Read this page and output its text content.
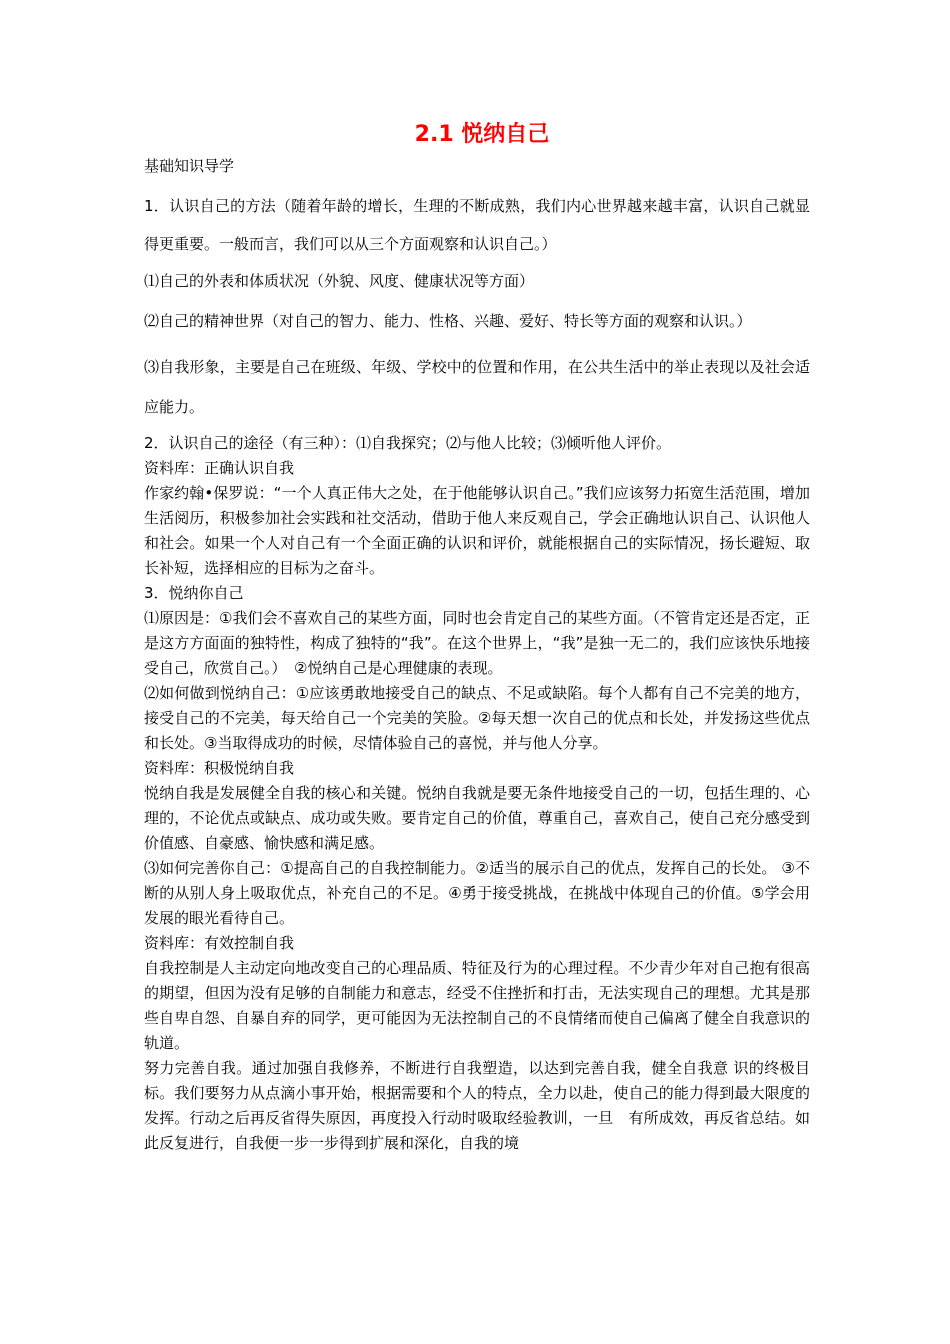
2.1 悦纳自己

基础知识导学

1．认识自己的方法（随着年龄的增长，生理的不断成熟，我们内心世界越来越丰富，认识自己就显得更重要。一般而言，我们可以从三个方面观察和认识自己。）

⑴自己的外表和体质状况（外貌、风度、健康状况等方面）

⑵自己的精神世界（对自己的智力、能力、性格、兴趣、爱好、特长等方面的观察和认识。）

⑶自我形象，主要是自己在班级、年级、学校中的位置和作用，在公共生活中的举止表现以及社会适应能力。

2．认识自己的途径（有三种）：⑴自我探究；⑵与他人比较；⑶倾听他人评价。

资料库：正确认识自我

作家约翰•保罗说：“一个人真正伟大之处，在于他能够认识自己。”我们应该努力拓宽生活范围，增加生活阅历，积极参加社会实践和社交活动，借助于他人来反观自己，学会正确地认识自己、认识他人和社会。如果一个人对自己有一个全面正确的认识和评价，就能根据自己的实际情况，扬长避短、取长补短，选择相应的目标为之奋斗。

3．悦纳你自己

⑴原因是：①我们会不喜欢自己的某些方面，同时也会肯定自己的某些方面。（不管肯定还是否定，正是这方方面面的独特性，构成了独特的“我”。在这个世界上，“我”是独一无二的，我们应该快乐地接受自己，欣赏自己。）　②悦纳自己是心理健康的表现。

⑵如何做到悦纳自己：①应该勇敢地接受自己的缺点、不足或缺陷。每个人都有自己不完美的地方，接受自己的不完美，每天给自己一个完美的笑脸。②每天想一次自己的优点和长处，并发扬这些优点和长处。③当取得成功的时候，尽情体验自己的喜悦，并与他人分享。

资料库：积极悦纳自我

悦纳自我是发展健全自我的核心和关键。悦纳自我就是要无条件地接受自己的一切，包括生理的、心理的，不论优点或缺点、成功或失败。要肯定自己的价值，尊重自己，喜欢自己，使自己充分感受到价值感、自豪感、愉快感和满足感。

⑶如何完善你自己：①提高自己的自我控制能力。②适当的展示自己的优点，发挥自己的长处。 ③不断的从别人身上吸取优点，补充自己的不足。④勇于接受挑战，在挑战中体现自己的价值。⑤学会用发展的眼光看待自己。

资料库：有效控制自我

自我控制是人主动定向地改变自己的心理品质、特征及行为的心理过程。不少青少年对自己抱有很高的期望，但因为没有足够的自制能力和意志，经受不住挫折和打击，无法实现自己的理想。尤其是那些自卑自怨、自暴自弃的同学，更可能因为无法控制自己的不良情绪而使自己偏离了健全自我意识的轨道。

努力完善自我。通过加强自我修养，不断进行自我塑造，以达到完善自我，健全自我意 识的终极目标。我们要努力从点滴小事开始，根据需要和个人的特点，全力以赴，使自己的能力得到最大限度的发挥。行动之后再反省得失原因，再度投入行动时吸取经验教训，一旦　有所成效，再反省总结。如此反复进行，自我便一步一步得到扩展和深化，自我的境
